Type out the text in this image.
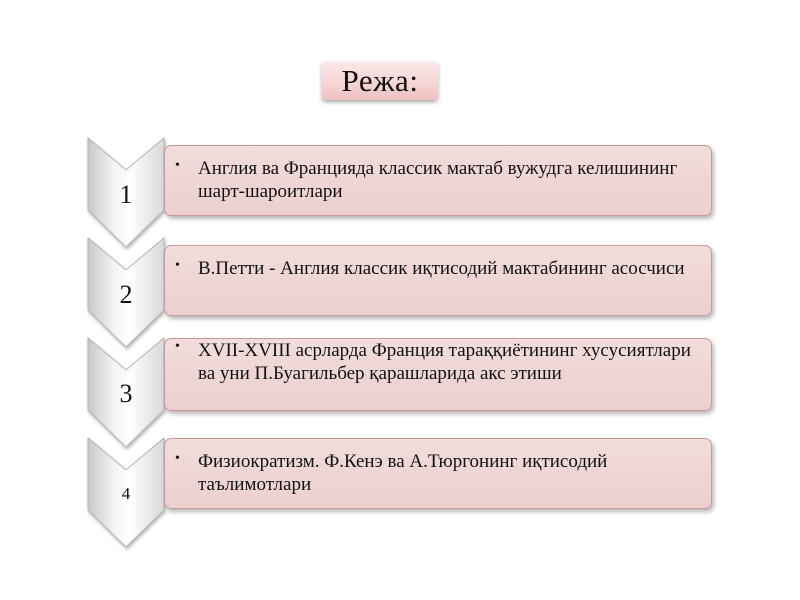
Режа:
1
2
3
4
• Англия ва Францияда классик мактаб вужудга келишининг шарт-шароитлари
• В.Петти - Англия классик иқтисодий мактабининг асосчиси
• XVII-XVIII асрларда Франция тараққиётининг хусусиятлари ва уни П.Буагильбер қарашларида акс этиши
• Физиократизм. Ф.Кенэ ва А.Тюргонинг иқтисодий таълимотлари
